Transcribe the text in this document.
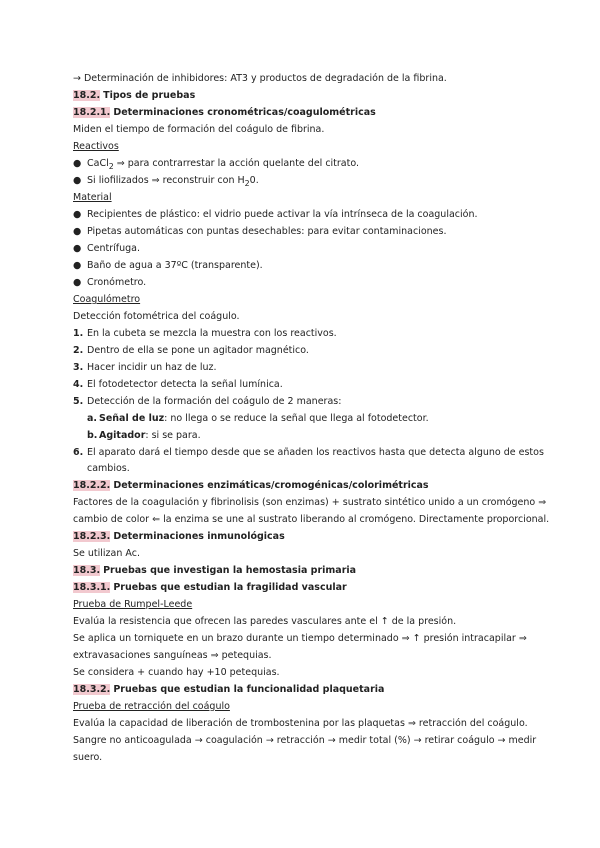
→ Determinación de inhibidores: AT3 y productos de degradación de la fibrina.
18.2. Tipos de pruebas
18.2.1. Determinaciones cronométricas/coagulométricas
Miden el tiempo de formación del coágulo de fibrina.
Reactivos
● CaCl$_2$ ⇒ para contrarrestar la acción quelante del citrato.
● Si liofilizados ⇒ reconstruir con $H_20$.
Material
● Recipientes de plástico: el vidrio puede activar la vía intrínseca de la coagulación.
● Pipetas automáticas con puntas desechables: para evitar contaminaciones.
● Centrífuga.
● Baño de agua a 37ºC (transparente).
● Cronómetro.
Coagulómetro
Detección fotométrica del coágulo.
1. En la cubeta se mezcla la muestra con los reactivos.
2. Dentro de ella se pone un agitador magnético.
3. Hacer incidir un haz de luz.
4. El fotodetector detecta la señal lumínica.
5. Detección de la formación del coágulo de 2 maneras:
a. Señal de luz: no llega o se reduce la señal que llega al fotodetector.
b. Agitador: si se para.
6. El aparato dará el tiempo desde que se añaden los reactivos hasta que detecta alguno de estos
cambios.
18.2.2. Determinaciones enzimáticas/cromogénicas/colorimétricas
Factores de la coagulación y fibrinolisis (son enzimas) + sustrato sintético unido a un cromógeno ⇒
cambio de color ⇐ la enzima se une al sustrato liberando al cromógeno. Directamente proporcional.
18.2.3. Determinaciones inmunológicas
Se utilizan Ac.
18.3. Pruebas que investigan la hemostasia primaria
18.3.1. Pruebas que estudian la fragilidad vascular
Prueba de Rumpel-Leede
Evalúa la resistencia que ofrecen las paredes vasculares ante el ↑ de la presión.
Se aplica un torniquete en un brazo durante un tiempo determinado ⇒ ↑ presión intracapilar ⇒
extravasaciones sanguíneas ⇒ petequias.
Se considera + cuando hay +10 petequias.
18.3.2. Pruebas que estudian la funcionalidad plaquetaria
Prueba de retracción del coágulo
Evalúa la capacidad de liberación de trombostenina por las plaquetas ⇒ retracción del coágulo.
Sangre no anticoagulada → coagulación → retracción → medir total (%) → retirar coágulo → medir
suero.
